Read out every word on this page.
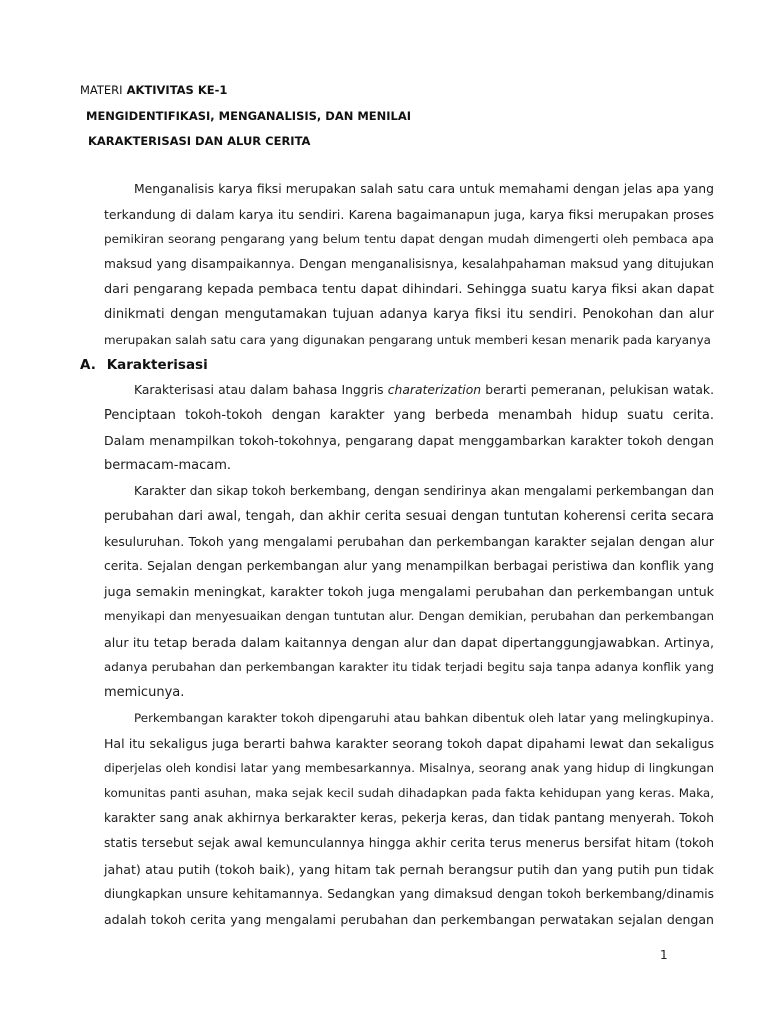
MATERI AKTIVITAS KE-1
MENGIDENTIFIKASI, MENGANALISIS, DAN MENILAI
KARAKTERISASI DAN ALUR CERITA
Menganalisis karya fiksi merupakan salah satu cara untuk memahami dengan jelas apa yang
terkandung di dalam karya itu sendiri. Karena bagaimanapun juga, karya fiksi merupakan proses
pemikiran seorang pengarang yang belum tentu dapat dengan mudah dimengerti oleh pembaca apa
maksud yang disampaikannya. Dengan menganalisisnya, kesalahpahaman maksud yang ditujukan
dari pengarang kepada pembaca tentu dapat dihindari. Sehingga suatu karya fiksi akan dapat
dinikmati dengan mengutamakan tujuan adanya karya fiksi itu sendiri. Penokohan dan alur
merupakan salah satu cara yang digunakan pengarang untuk memberi kesan menarik pada karyanya
A. Karakterisasi
Karakterisasi atau dalam bahasa Inggris charaterization berarti pemeranan, pelukisan watak.
Penciptaan tokoh-tokoh dengan karakter yang berbeda menambah hidup suatu cerita.
Dalam menampilkan tokoh-tokohnya, pengarang dapat menggambarkan karakter tokoh dengan
bermacam-macam.
Karakter dan sikap tokoh berkembang, dengan sendirinya akan mengalami perkembangan dan
perubahan dari awal, tengah, dan akhir cerita sesuai dengan tuntutan koherensi cerita secara
kesuluruhan. Tokoh yang mengalami perubahan dan perkembangan karakter sejalan dengan alur
cerita. Sejalan dengan perkembangan alur yang menampilkan berbagai peristiwa dan konflik yang
juga semakin meningkat, karakter tokoh juga mengalami perubahan dan perkembangan untuk
menyikapi dan menyesuaikan dengan tuntutan alur. Dengan demikian, perubahan dan perkembangan
alur itu tetap berada dalam kaitannya dengan alur dan dapat dipertanggungjawabkan. Artinya,
adanya perubahan dan perkembangan karakter itu tidak terjadi begitu saja tanpa adanya konflik yang
memicunya.
Perkembangan karakter tokoh dipengaruhi atau bahkan dibentuk oleh latar yang melingkupinya.
Hal itu sekaligus juga berarti bahwa karakter seorang tokoh dapat dipahami lewat dan sekaligus
diperjelas oleh kondisi latar yang membesarkannya. Misalnya, seorang anak yang hidup di lingkungan
komunitas panti asuhan, maka sejak kecil sudah dihadapkan pada fakta kehidupan yang keras. Maka,
karakter sang anak akhirnya berkarakter keras, pekerja keras, dan tidak pantang menyerah. Tokoh
statis tersebut sejak awal kemunculannya hingga akhir cerita terus menerus bersifat hitam (tokoh
jahat) atau putih (tokoh baik), yang hitam tak pernah berangsur putih dan yang putih pun tidak
diungkapkan unsure kehitamannya. Sedangkan yang dimaksud dengan tokoh berkembang/dinamis
adalah tokoh cerita yang mengalami perubahan dan perkembangan perwatakan sejalan dengan
1
